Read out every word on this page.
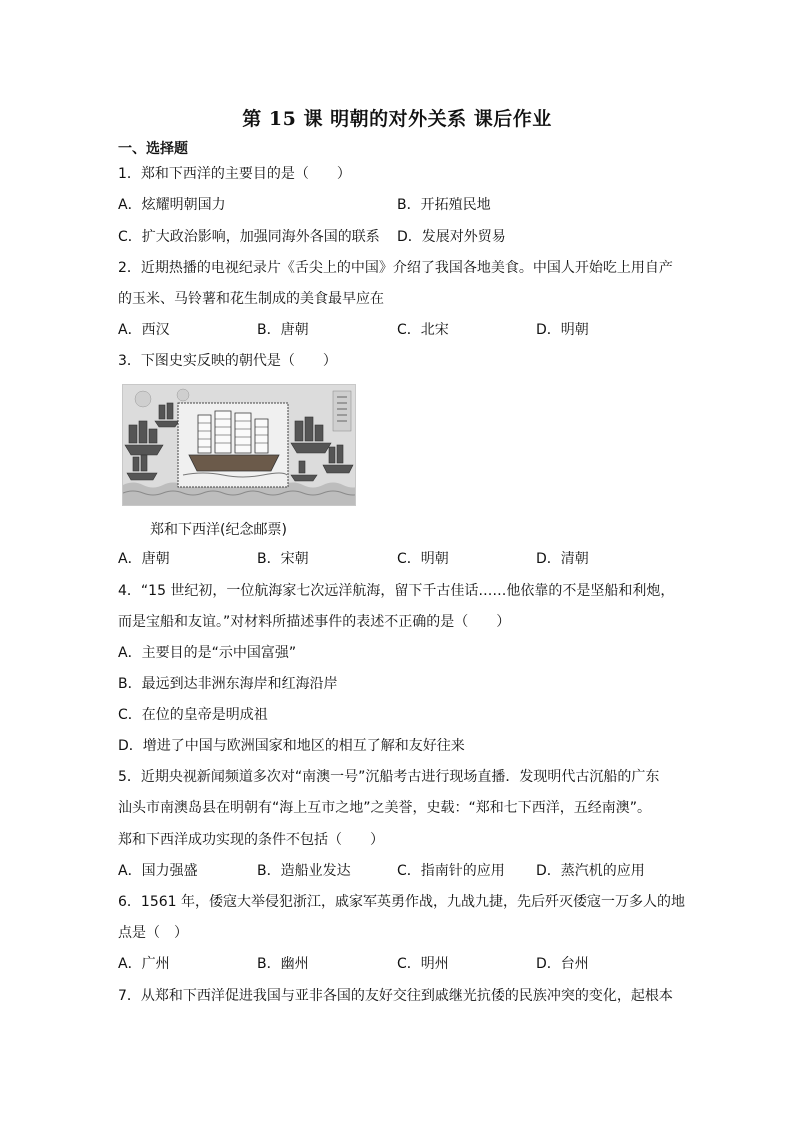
第 15 课 明朝的对外关系 课后作业
一、选择题
1．郑和下西洋的主要目的是（　　）
A．炫耀明朝国力	B．开拓殖民地
C．扩大政治影响，加强同海外各国的联系 D．发展对外贸易
2．近期热播的电视纪录片《舌尖上的中国》介绍了我国各地美食。中国人开始吃上用自产
的玉米、马铃薯和花生制成的美食最早应在
A．西汉	B．唐朝	C．北宋	D．明朝
3．下图史实反映的朝代是（　　）
郑和下西洋(纪念邮票)
A．唐朝	B．宋朝	C．明朝	D．清朝
4．“15 世纪初，一位航海家七次远洋航海，留下千古佳话……他依靠的不是坚船和利炮，
而是宝船和友谊。”对材料所描述事件的表述不正确的是（　　）
A．主要目的是“示中国富强”
B．最远到达非洲东海岸和红海沿岸
C．在位的皇帝是明成祖
D．增进了中国与欧洲国家和地区的相互了解和友好往来
5．近期央视新闻频道多次对“南澳一号”沉船考古进行现场直播．发现明代古沉船的广东
汕头市南澳岛县在明朝有“海上互市之地”之美誉，史载：“郑和七下西洋，五经南澳”。
郑和下西洋成功实现的条件不包括（　　）
A．国力强盛	B．造船业发达	C．指南针的应用 D．蒸汽机的应用
6．1561 年，倭寇大举侵犯浙江，戚家军英勇作战，九战九捷，先后歼灭倭寇一万多人的地
点是（　）
A．广州	B．幽州	C．明州	D．台州
7．从郑和下西洋促进我国与亚非各国的友好交往到戚继光抗倭的民族冲突的变化，起根本
